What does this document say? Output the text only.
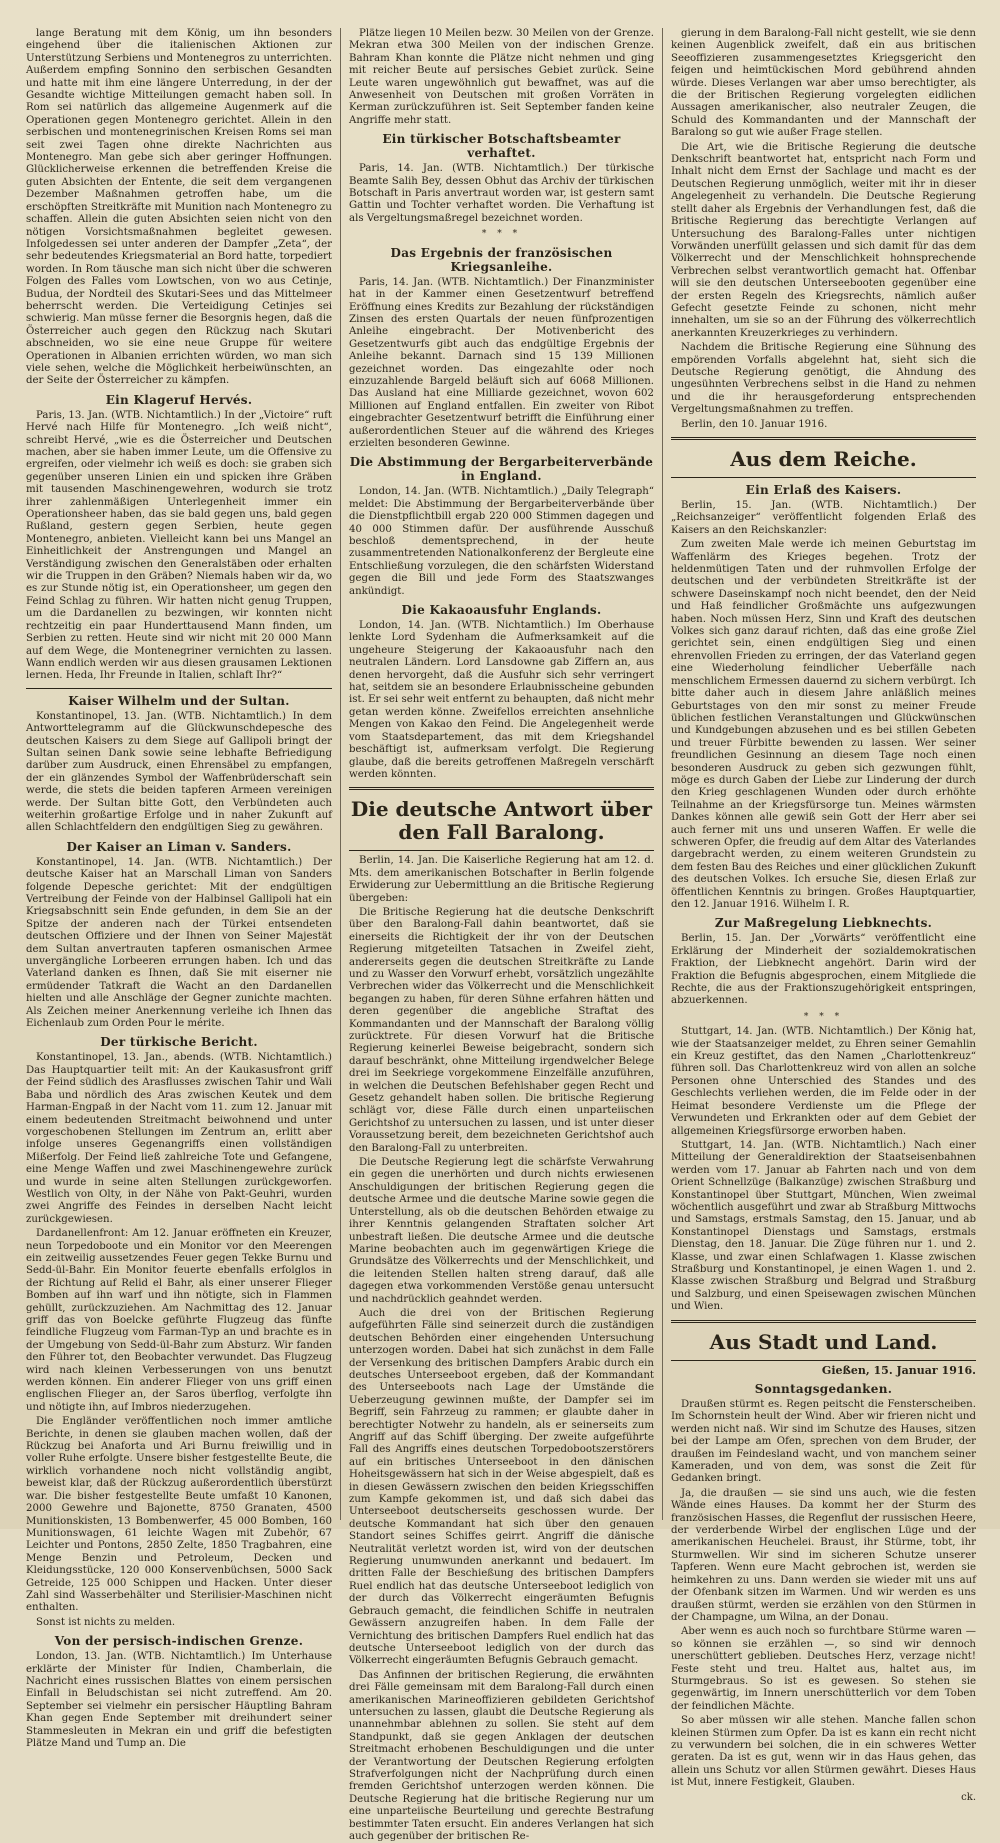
lange Beratung mit dem König, um ihn besonders eingehend über die italienischen Aktionen zur Unterstützung Serbiens und Montenegros zu unterrichten. Außerdem empfing Sonnino den serbischen Gesandten und hatte mit ihm eine längere Unterredung, in der der Gesandte wichtige Mitteilungen gemacht haben soll. In Rom sei natürlich das allgemeine Augenmerk auf die Operationen gegen Montenegro gerichtet. Allein in den serbischen und montenegrinischen Kreisen Roms sei man seit zwei Tagen ohne direkte Nachrichten aus Montenegro. Man gebe sich aber geringer Hoffnungen. Glücklicherweise erkennen die betreffenden Kreise die guten Absichten der Entente, die seit dem vergangenen Dezember Maßnahmen getroffen habe, um die erschöpften Streitkräfte mit Munition nach Montenegro zu schaffen. Allein die guten Absichten seien nicht von den nötigen Vorsichtsmaßnahmen begleitet gewesen. Infolgedessen sei unter anderen der Dampfer „Zeta“, der sehr bedeutendes Kriegsmaterial an Bord hatte, torpediert worden. In Rom täusche man sich nicht über die schweren Folgen des Falles vom Lowtschen, von wo aus Cetinje, Budua, der Nordteil des Skutari-Sees und das Mittelmeer beherrscht werden. Die Verteidigung Cetinjes sei schwierig. Man müsse ferner die Besorgnis hegen, daß die Österreicher auch gegen den Rückzug nach Skutari abschneiden, wo sie eine neue Gruppe für weitere Operationen in Albanien errichten würden, wo man sich viele sehen, welche die Möglichkeit herbeiwünschten, an der Seite der Österreicher zu kämpfen.

Ein Klageruf Hervés.

Paris, 13. Jan. (WTB. Nichtamtlich.) In der „Victoire“ ruft Hervé nach Hilfe für Montenegro. „Ich weiß nicht“, schreibt Hervé, „wie es die Österreicher und Deutschen machen, aber sie haben immer Leute, um die Offensive zu ergreifen, oder vielmehr ich weiß es doch: sie graben sich gegenüber unseren Linien ein und spicken ihre Gräben mit tausenden Maschinengewehren, wodurch sie trotz ihrer zahlenmäßigen Unterlegenheit immer ein Operationsheer haben, das sie bald gegen uns, bald gegen Rußland, gestern gegen Serbien, heute gegen Montenegro, anbieten. Vielleicht kann bei uns Mangel an Einheitlichkeit der Anstrengungen und Mangel an Verständigung zwischen den Generalstäben oder erhalten wir die Truppen in den Gräben? Niemals haben wir da, wo es zur Stunde nötig ist, ein Operationsheer, um gegen den Feind Schlag zu führen. Wir hatten nicht genug Truppen, um die Dardanellen zu bezwingen, wir konnten nicht rechtzeitig ein paar Hunderttausend Mann finden, um Serbien zu retten. Heute sind wir nicht mit 20 000 Mann auf dem Wege, die Montenegriner vernichten zu lassen. Wann endlich werden wir aus diesen grausamen Lektionen lernen. Heda, Ihr Freunde in Italien, schlaft Ihr?“

Kaiser Wilhelm und der Sultan.

Konstantinopel, 13. Jan. (WTB. Nichtamtlich.) In dem Antworttelegramm auf die Glückwunschdepesche des deutschen Kaisers zu dem Siege auf Gallipoli bringt der Sultan seinen Dank sowie seine lebhafte Befriedigung darüber zum Ausdruck, einen Ehrensäbel zu empfangen, der ein glänzendes Symbol der Waffenbrüderschaft sein werde, die stets die beiden tapferen Armeen vereinigen werde. Der Sultan bitte Gott, den Verbündeten auch weiterhin großartige Erfolge und in naher Zukunft auf allen Schlachtfeldern den endgültigen Sieg zu gewähren.

Der Kaiser an Liman v. Sanders.

Konstantinopel, 14. Jan. (WTB. Nichtamtlich.) Der deutsche Kaiser hat an Marschall Liman von Sanders folgende Depesche gerichtet: Mit der endgültigen Vertreibung der Feinde von der Halbinsel Gallipoli hat ein Kriegsabschnitt sein Ende gefunden, in dem Sie an der Spitze der anderen nach der Türkei entsendeten deutschen Offiziere und der Ihnen von Seiner Majestät dem Sultan anvertrauten tapferen osmanischen Armee unvergängliche Lorbeeren errungen haben. Ich und das Vaterland danken es Ihnen, daß Sie mit eiserner nie ermüdender Tatkraft die Wacht an den Dardanellen hielten und alle Anschläge der Gegner zunichte machten. Als Zeichen meiner Anerkennung verleihe ich Ihnen das Eichenlaub zum Orden Pour le mérite.

Der türkische Bericht.

Konstantinopel, 13. Jan., abends. (WTB. Nichtamtlich.) Das Hauptquartier teilt mit: An der Kaukasusfront griff der Feind südlich des Arasflusses zwischen Tahir und Wali Baba und nördlich des Aras zwischen Keutek und dem Harman-Engpaß in der Nacht vom 11. zum 12. Januar mit einem bedeutenden Streitmacht beiwohnend und unter vorgeschobenen Stellungen im Zentrum an, erlitt aber infolge unseres Gegenangriffs einen vollständigen Mißerfolg. Der Feind ließ zahlreiche Tote und Gefangene, eine Menge Waffen und zwei Maschinengewehre zurück und wurde in seine alten Stellungen zurückgeworfen. Westlich von Olty, in der Nähe von Pakt-Geuhri, wurden zwei Angriffe des Feindes in derselben Nacht leicht zurückgewiesen.

Dardanellenfront: Am 12. Januar eröffneten ein Kreuzer, neun Torpedoboote und ein Monitor vor den Meerengen ein zeitweilig aussetzendes Feuer gegen Tekke Burnu und Sedd-ül-Bahr. Ein Monitor feuerte ebenfalls erfolglos in der Richtung auf Relid el Bahr, als einer unserer Flieger Bomben auf ihn warf und ihn nötigte, sich in Flammen gehüllt, zurückzuziehen. Am Nachmittag des 12. Januar griff das von Boelcke geführte Flugzeug das fünfte feindliche Flugzeug vom Farman-Typ an und brachte es in der Umgebung von Sedd-ül-Bahr zum Absturz. Wir fanden den Führer tot, den Beobachter verwundet. Das Flugzeug wird nach kleinen Verbesserungen von uns benutzt werden können. Ein anderer Flieger von uns griff einen englischen Flieger an, der Saros überflog, verfolgte ihn und nötigte ihn, auf Imbros niederzugehen.

Die Engländer veröffentlichen noch immer amtliche Berichte, in denen sie glauben machen wollen, daß der Rückzug bei Anaforta und Ari Burnu freiwillig und in voller Ruhe erfolgte. Unsere bisher festgestellte Beute, die wirklich vorhandene noch nicht vollständig angibt, beweist klar, daß der Rückzug außerordentlich überstürzt war. Die bisher festgestellte Beute umfaßt 10 Kanonen, 2000 Gewehre und Bajonette, 8750 Granaten, 4500 Munitionskisten, 13 Bombenwerfer, 45 000 Bomben, 160 Munitionswagen, 61 leichte Wagen mit Zubehör, 67 Leichter und Pontons, 2850 Zelte, 1850 Tragbahren, eine Menge Benzin und Petroleum, Decken und Kleidungsstücke, 120 000 Konservenbüchsen, 5000 Sack Getreide, 125 000 Schippen und Hacken. Unter dieser Zahl sind Wasserbehälter und Sterilisier-Maschinen nicht enthalten.

Sonst ist nichts zu melden.

Von der persisch-indischen Grenze.

London, 13. Jan. (WTB. Nichtamtlich.) Im Unterhause erklärte der Minister für Indien, Chamberlain, die Nachricht eines russischen Blattes von einem persischen Einfall in Beludschistan sei nicht zutreffend. Am 20. September sei vielmehr ein persischer Häuptling Bahram Khan gegen Ende September mit dreihundert seiner Stammesleuten in Mekran ein und griff die befestigten Plätze Mand und Tump an. Die

Plätze liegen 10 Meilen bezw. 30 Meilen von der Grenze. Mekran etwa 300 Meilen von der indischen Grenze. Bahram Khan konnte die Plätze nicht nehmen und ging mit reicher Beute auf persisches Gebiet zurück. Seine Leute waren ungewöhnlich gut bewaffnet, was auf die Anwesenheit von Deutschen mit großen Vorräten in Kerman zurückzuführen ist. Seit September fanden keine Angriffe mehr statt.

Ein türkischer Botschaftsbeamter verhaftet.

Paris, 14. Jan. (WTB. Nichtamtlich.) Der türkische Beamte Salih Bey, dessen Obhut das Archiv der türkischen Botschaft in Paris anvertraut worden war, ist gestern samt Gattin und Tochter verhaftet worden. Die Verhaftung ist als Vergeltungsmaßregel bezeichnet worden.

* * *
Das Ergebnis der französischen Kriegsanleihe.

Paris, 14. Jan. (WTB. Nichtamtlich.) Der Finanzminister hat in der Kammer einen Gesetzentwurf betreffend Eröffnung eines Kredits zur Bezahlung der rückständigen Zinsen des ersten Quartals der neuen fünfprozentigen Anleihe eingebracht. Der Motivenbericht des Gesetzentwurfs gibt auch das endgültige Ergebnis der Anleihe bekannt. Darnach sind 15 139 Millionen gezeichnet worden. Das eingezahlte oder noch einzuzahlende Bargeld beläuft sich auf 6068 Millionen. Das Ausland hat eine Milliarde gezeichnet, wovon 602 Millionen auf England entfallen. Ein zweiter von Ribot eingebrachter Gesetzentwurf betrifft die Einführung einer außerordentlichen Steuer auf die während des Krieges erzielten besonderen Gewinne.

Die Abstimmung der Bergarbeiterverbände in England.

London, 14. Jan. (WTB. Nichtamtlich.) „Daily Telegraph“ meldet: Die Abstimmung der Bergarbeiterverbände über die Dienstpflichtbill ergab 220 000 Stimmen dagegen und 40 000 Stimmen dafür. Der ausführende Ausschuß beschloß dementsprechend, in der heute zusammentretenden Nationalkonferenz der Bergleute eine Entschließung vorzulegen, die den schärfsten Widerstand gegen die Bill und jede Form des Staatszwanges ankündigt.

Die Kakaoausfuhr Englands.

London, 14. Jan. (WTB. Nichtamtlich.) Im Oberhause lenkte Lord Sydenham die Aufmerksamkeit auf die ungeheure Steigerung der Kakaoausfuhr nach den neutralen Ländern. Lord Lansdowne gab Ziffern an, aus denen hervorgeht, daß die Ausfuhr sich sehr verringert hat, seitdem sie an besondere Erlaubnisscheine gebunden ist. Er sei sehr weit entfernt zu behaupten, daß nicht mehr getan werden könne. Zweifellos erreichten ansehnliche Mengen von Kakao den Feind. Die Angelegenheit werde vom Staatsdepartement, das mit dem Kriegshandel beschäftigt ist, aufmerksam verfolgt. Die Regierung glaube, daß die bereits getroffenen Maßregeln verschärft werden könnten.

Die deutsche Antwort über den Fall Baralong.

Berlin, 14. Jan. Die Kaiserliche Regierung hat am 12. d. Mts. dem amerikanischen Botschafter in Berlin folgende Erwiderung zur Uebermittlung an die Britische Regierung übergeben:

Die Britische Regierung hat die deutsche Denkschrift über den Baralong-Fall dahin beantwortet, daß sie einerseits die Richtigkeit der ihr von der Deutschen Regierung mitgeteilten Tatsachen in Zweifel zieht, andererseits gegen die deutschen Streitkräfte zu Lande und zu Wasser den Vorwurf erhebt, vorsätzlich ungezählte Verbrechen wider das Völkerrecht und die Menschlichkeit begangen zu haben, für deren Sühne erfahren hätten und deren gegenüber die angebliche Straftat des Kommandanten und der Mannschaft der Baralong völlig zurücktrete. Für diesen Vorwurf hat die Britische Regierung keinerlei Beweise beigebracht, sondern sich darauf beschränkt, ohne Mitteilung irgendwelcher Belege drei im Seekriege vorgekommene Einzelfälle anzuführen, in welchen die Deutschen Befehlshaber gegen Recht und Gesetz gehandelt haben sollen. Die britische Regierung schlägt vor, diese Fälle durch einen unparteiischen Gerichtshof zu untersuchen zu lassen, und ist unter dieser Voraussetzung bereit, dem bezeichneten Gerichtshof auch den Baralong-Fall zu unterbreiten.

Die Deutsche Regierung legt die schärfste Verwahrung ein gegen die unerhörten und durch nichts erwiesenen Anschuldigungen der britischen Regierung gegen die deutsche Armee und die deutsche Marine sowie gegen die Unterstellung, als ob die deutschen Behörden etwaige zu ihrer Kenntnis gelangenden Straftaten solcher Art unbestraft ließen. Die deutsche Armee und die deutsche Marine beobachten auch im gegenwärtigen Kriege die Grundsätze des Völkerrechts und der Menschlichkeit, und die leitenden Stellen halten streng darauf, daß alle dagegen etwa vorkommenden Verstöße genau untersucht und nachdrücklich geahndet werden.

Auch die drei von der Britischen Regierung aufgeführten Fälle sind seinerzeit durch die zuständigen deutschen Behörden einer eingehenden Untersuchung unterzogen worden. Dabei hat sich zunächst in dem Falle der Versenkung des britischen Dampfers Arabic durch ein deutsches Unterseeboot ergeben, daß der Kommandant des Unterseeboots nach Lage der Umstände die Ueberzeugung gewinnen mußte, der Dampfer sei im Begriff, sein Fahrzeug zu rammen; er glaubte daher in berechtigter Notwehr zu handeln, als er seinerseits zum Angriff auf das Schiff überging. Der zweite aufgeführte Fall des Angriffs eines deutschen Torpedobootszerstörers auf ein britisches Unterseeboot in den dänischen Hoheitsgewässern hat sich in der Weise abgespielt, daß es in diesen Gewässern zwischen den beiden Kriegsschiffen zum Kampfe gekommen ist, und daß sich dabei das Unterseeboot deutscherseits geschossen wurde. Der deutsche Kommandant hat sich über den genauen Standort seines Schiffes geirrt. Angriff die dänische Neutralität verletzt worden ist, wird von der deutschen Regierung unumwunden anerkannt und bedauert. Im dritten Falle der Beschießung des britischen Dampfers Ruel endlich hat das deutsche Unterseeboot lediglich von der durch das Völkerrecht eingeräumten Befugnis Gebrauch gemacht, die feindlichen Schiffe in neutralen Gewässern anzugreifen haben. In dem Falle der Vernichtung des britischen Dampfers Ruel endlich hat das deutsche Unterseeboot lediglich von der durch das Völkerrecht eingeräumten Befugnis Gebrauch gemacht.

Das Anfinnen der britischen Regierung, die erwähnten drei Fälle gemeinsam mit dem Baralong-Fall durch einen amerikanischen Marineoffizieren gebildeten Gerichtshof untersuchen zu lassen, glaubt die Deutsche Regierung als unannehmbar ablehnen zu sollen. Sie steht auf dem Standpunkt, daß sie gegen Anklagen der deutschen Streitmacht erhobenen Beschuldigungen und die unter der Verantwortung der Deutschen Regierung erfolgten Strafverfolgungen nicht der Nachprüfung durch einen fremden Gerichtshof unterzogen werden können. Die Deutsche Regierung hat die britische Regierung nur um eine unparteiische Beurteilung und gerechte Bestrafung bestimmter Taten ersucht. Ein anderes Verlangen hat sich auch gegenüber der britischen Re-

gierung in dem Baralong-Fall nicht gestellt, wie sie denn keinen Augenblick zweifelt, daß ein aus britischen Seeoffizieren zusammengesetztes Kriegsgericht den feigen und heimtückischen Mord gebührend ahnden würde. Dieses Verlangen war aber umso berechtigter, als die der Britischen Regierung vorgelegten eidlichen Aussagen amerikanischer, also neutraler Zeugen, die Schuld des Kommandanten und der Mannschaft der Baralong so gut wie außer Frage stellen.

Die Art, wie die Britische Regierung die deutsche Denkschrift beantwortet hat, entspricht nach Form und Inhalt nicht dem Ernst der Sachlage und macht es der Deutschen Regierung unmöglich, weiter mit ihr in dieser Angelegenheit zu verhandeln. Die Deutsche Regierung stellt daher als Ergebnis der Verhandlungen fest, daß die Britische Regierung das berechtigte Verlangen auf Untersuchung des Baralong-Falles unter nichtigen Vorwänden unerfüllt gelassen und sich damit für das dem Völkerrecht und der Menschlichkeit hohnsprechende Verbrechen selbst verantwortlich gemacht hat. Offenbar will sie den deutschen Unterseebooten gegenüber eine der ersten Regeln des Kriegsrechts, nämlich außer Gefecht gesetzte Feinde zu schonen, nicht mehr innehalten, um sie so an der Führung des völkerrechtlich anerkannten Kreuzerkrieges zu verhindern.

Nachdem die Britische Regierung eine Sühnung des empörenden Vorfalls abgelehnt hat, sieht sich die Deutsche Regierung genötigt, die Ahndung des ungesühnten Verbrechens selbst in die Hand zu nehmen und die ihr herausgeforderung entsprechenden Vergeltungsmaßnahmen zu treffen.

Berlin, den 10. Januar 1916.

Aus dem Reiche.
Ein Erlaß des Kaisers.

Berlin, 15. Jan. (WTB. Nichtamtlich.) Der „Reichsanzeiger“ veröffentlicht folgenden Erlaß des Kaisers an den Reichskanzler:

Zum zweiten Male werde ich meinen Geburtstag im Waffenlärm des Krieges begehen. Trotz der heldenmütigen Taten und der ruhmvollen Erfolge der deutschen und der verbündeten Streitkräfte ist der schwere Daseinskampf noch nicht beendet, den der Neid und Haß feindlicher Großmächte uns aufgezwungen haben. Noch müssen Herz, Sinn und Kraft des deutschen Volkes sich ganz darauf richten, daß das eine große Ziel gerichtet sein, einen endgültigen Sieg und einen ehrenvollen Frieden zu erringen, der das Vaterland gegen eine Wiederholung feindlicher Ueberfälle nach menschlichem Ermessen dauernd zu sichern verbürgt. Ich bitte daher auch in diesem Jahre anläßlich meines Geburtstages von den mir sonst zu meiner Freude üblichen festlichen Veranstaltungen und Glückwünschen und Kundgebungen abzusehen und es bei stillen Gebeten und treuer Fürbitte bewenden zu lassen. Wer seiner freundlichen Gesinnung an diesem Tage noch einen besonderen Ausdruck zu geben sich gezwungen fühlt, möge es durch Gaben der Liebe zur Linderung der durch den Krieg geschlagenen Wunden oder durch erhöhte Teilnahme an der Kriegsfürsorge tun. Meines wärmsten Dankes können alle gewiß sein Gott der Herr aber sei auch ferner mit uns und unseren Waffen. Er welle die schweren Opfer, die freudig auf dem Altar des Vaterlandes dargebracht werden, zu einem weiteren Grundstein zu dem festen Bau des Reiches und einer glücklichen Zukunft des deutschen Volkes. Ich ersuche Sie, diesen Erlaß zur öffentlichen Kenntnis zu bringen. Großes Hauptquartier, den 12. Januar 1916. Wilhelm I. R.

Zur Maßregelung Liebknechts.

Berlin, 15. Jan. Der „Vorwärts“ veröffentlicht eine Erklärung der Minderheit der sozialdemokratischen Fraktion, der Liebknecht angehört. Darin wird der Fraktion die Befugnis abgesprochen, einem Mitgliede die Rechte, die aus der Fraktionszugehörigkeit entspringen, abzuerkennen.

* * *

Stuttgart, 14. Jan. (WTB. Nichtamtlich.) Der König hat, wie der Staatsanzeiger meldet, zu Ehren seiner Gemahlin ein Kreuz gestiftet, das den Namen „Charlottenkreuz“ führen soll. Das Charlottenkreuz wird von allen an solche Personen ohne Unterschied des Standes und des Geschlechts verliehen werden, die im Felde oder in der Heimat besondere Verdienste um die Pflege der Verwundeten und Erkrankten oder auf dem Gebiet der allgemeinen Kriegsfürsorge erworben haben.

Stuttgart, 14. Jan. (WTB. Nichtamtlich.) Nach einer Mitteilung der Generaldirektion der Staatseisenbahnen werden vom 17. Januar ab Fahrten nach und von dem Orient Schnellzüge (Balkanzüge) zwischen Straßburg und Konstantinopel über Stuttgart, München, Wien zweimal wöchentlich ausgeführt und zwar ab Straßburg Mittwochs und Samstags, erstmals Samstag, den 15. Januar, und ab Konstantinopel Dienstags und Samstags, erstmals Dienstag, den 18. Januar. Die Züge führen nur 1. und 2. Klasse, und zwar einen Schlafwagen 1. Klasse zwischen Straßburg und Konstantinopel, je einen Wagen 1. und 2. Klasse zwischen Straßburg und Belgrad und Straßburg und Salzburg, und einen Speisewagen zwischen München und Wien.

Aus Stadt und Land.
Gießen, 15. Januar 1916.
Sonntagsgedanken.

Draußen stürmt es. Regen peitscht die Fensterscheiben. Im Schornstein heult der Wind. Aber wir frieren nicht und werden nicht naß. Wir sind im Schutze des Hauses, sitzen bei der Lampe am Ofen, sprechen von dem Bruder, der draußen im Feindesland wacht, und von manchem seiner Kameraden, und von dem, was sonst die Zeit für Gedanken bringt.

Ja, die draußen — sie sind uns auch, wie die festen Wände eines Hauses. Da kommt her der Sturm des französischen Hasses, die Regenflut der russischen Heere, der verderbende Wirbel der englischen Lüge und der amerikanischen Heuchelei. Braust, ihr Stürme, tobt, ihr Sturmwellen. Wir sind im sicheren Schutze unserer Tapferen. Wenn eure Macht gebrochen ist, werden sie heimkehren zu uns. Dann werden sie wieder mit uns auf der Ofenbank sitzen im Warmen. Und wir werden es uns draußen stürmt, werden sie erzählen von den Stürmen in der Champagne, um Wilna, an der Donau.

Aber wenn es auch noch so furchtbare Stürme waren — so können sie erzählen —, so sind wir dennoch unerschüttert geblieben. Deutsches Herz, verzage nicht! Feste steht und treu. Haltet aus, haltet aus, im Sturmgebraus. So ist es gewesen. So stehen sie gegenwärtig, im Innern unerschütterlich vor dem Toben der feindlichen Mächte.

So aber müssen wir alle stehen. Manche fallen schon kleinen Stürmen zum Opfer. Da ist es kann ein recht nicht zu verwundern bei solchen, die in ein schweres Wetter geraten. Da ist es gut, wenn wir in das Haus gehen, das allein uns Schutz vor allen Stürmen gewährt. Dieses Haus ist Mut, innere Festigkeit, Glauben.

ck.
